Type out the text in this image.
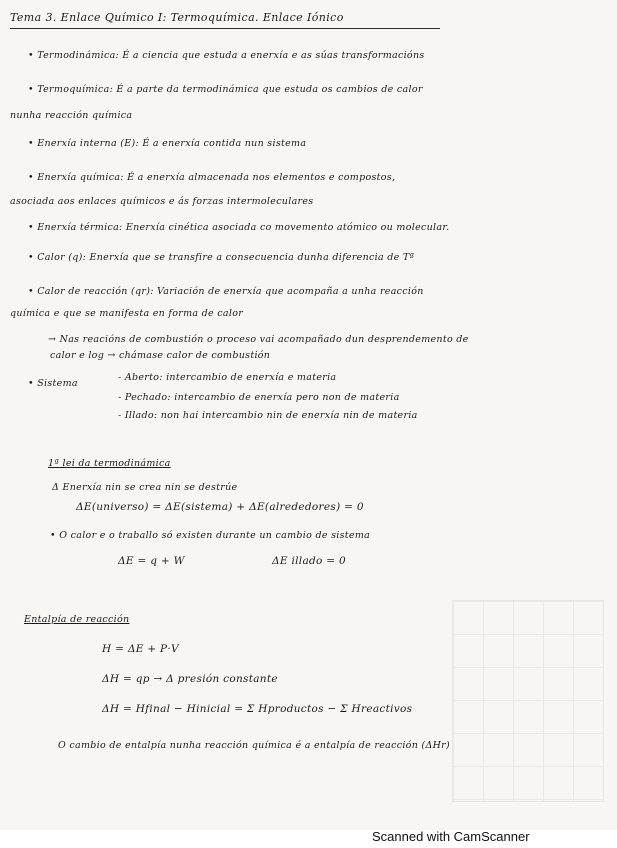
Tema 3. Enlace Químico I: Termoquímica. Enlace Iónico
• Termodinámica: É a ciencia que estuda a enerxía e as súas transformacións
• Termoquímica: É a parte da termodinámica que estuda os cambios de calor
nunha reacción química
• Enerxía interna (E): É a enerxía contida nun sistema
• Enerxía química: É a enerxía almacenada nos elementos e compostos,
asociada aos enlaces químicos e ás forzas intermoleculares
• Enerxía térmica: Enerxía cinética asociada co movemento atómico ou molecular.
• Calor (q): Enerxía que se transfire a consecuencia dunha diferencia de Tª
• Calor de reacción (qr): Variación de enerxía que acompaña a unha reacción
química e que se manifesta en forma de calor
→ Nas reacións de combustión o proceso vai acompañado dun desprendemento de
calor e log → chámase calor de combustión
• Sistema
- Aberto: intercambio de enerxía e materia
- Pechado: intercambio de enerxía pero non de materia
- Illado: non hai intercambio nin de enerxía nin de materia
1ª lei da termodinámica
Δ Enerxía nin se crea nin se destrúe
ΔE(universo) = ΔE(sistema) + ΔE(alrededores) = 0
• O calor e o traballo só existen durante un cambio de sistema
ΔE = q + W	ΔE illado = 0
Entalpía de reacción
H = ΔE + P·V
ΔH = qp → Δ presión constante
ΔH = Hfinal − Hinicial = Σ Hproductos − Σ Hreactivos
O cambio de entalpía nunha reacción química é a entalpía de reacción (ΔHr)
Scanned with CamScanner
